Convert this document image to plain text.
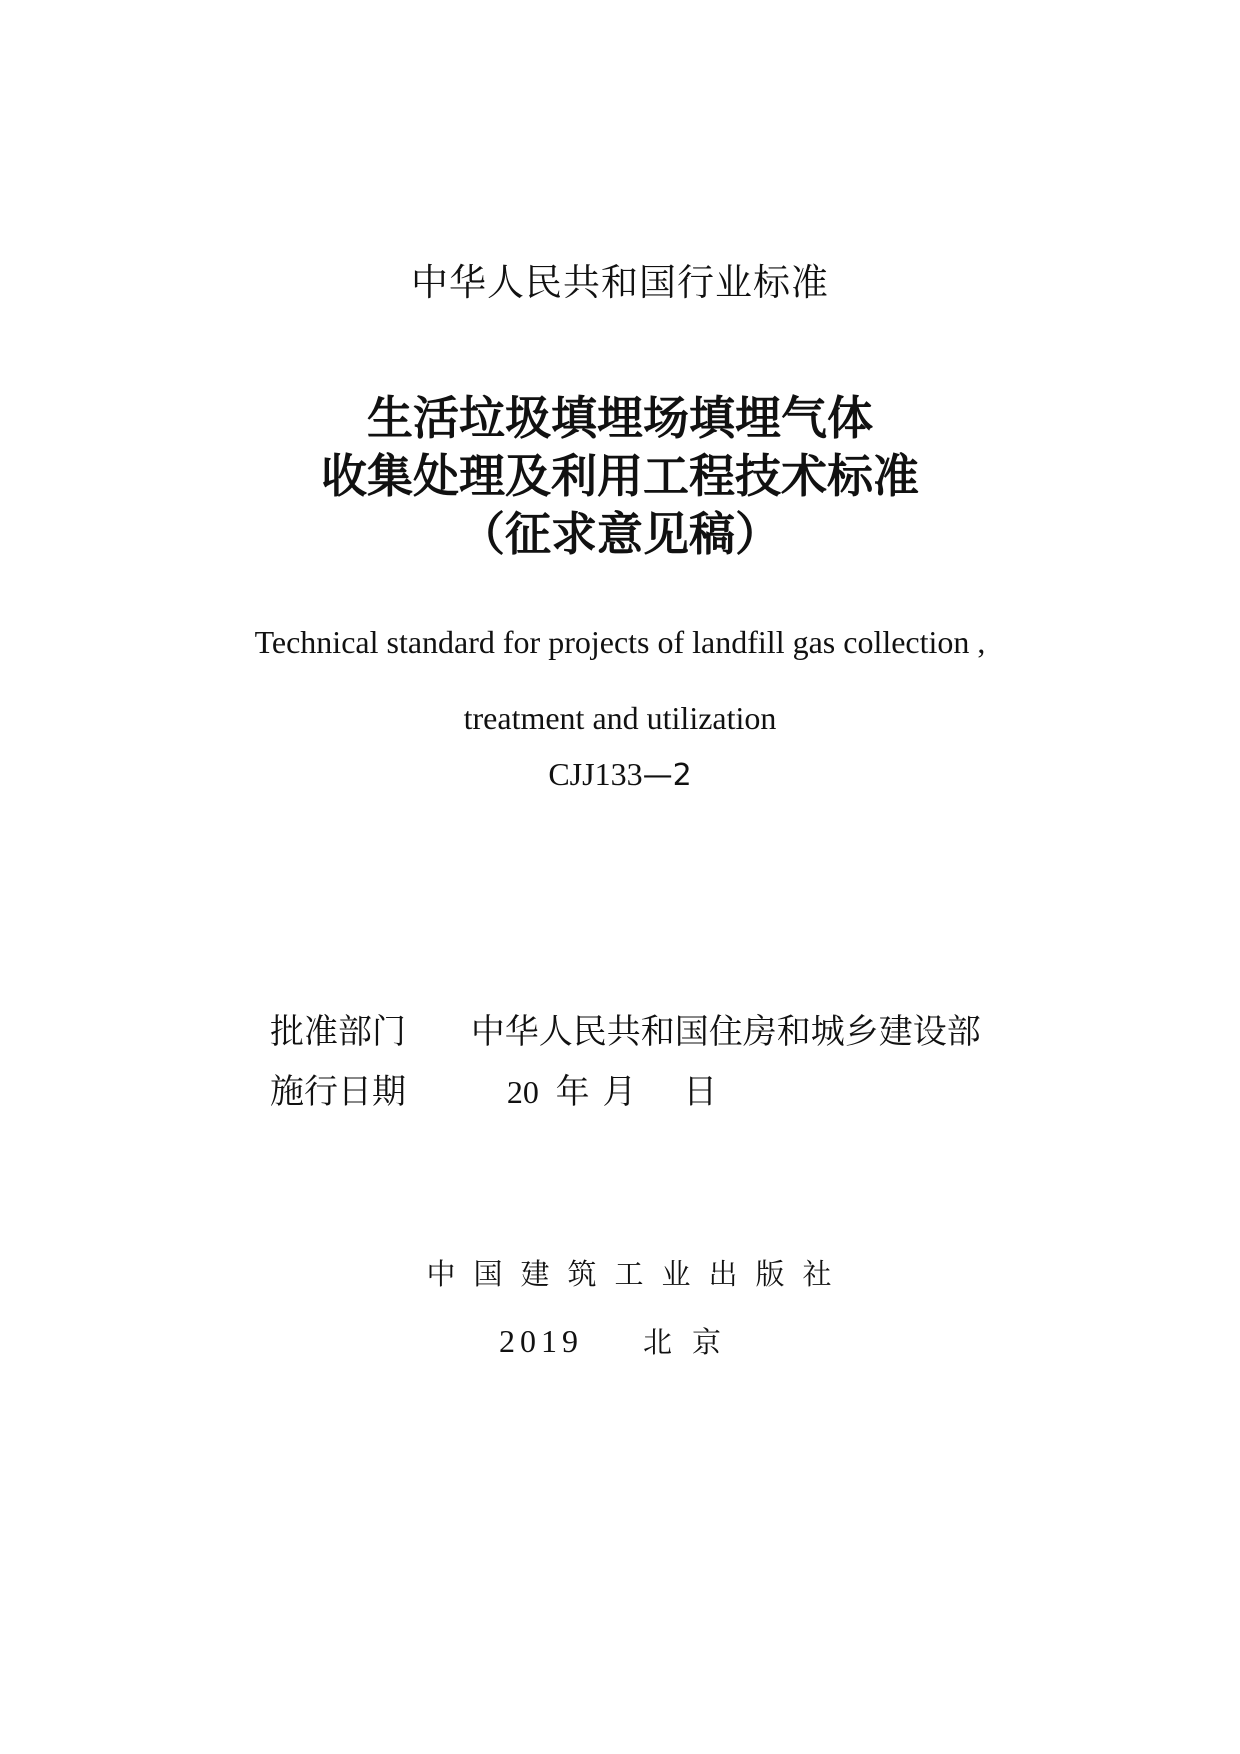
中华人民共和国行业标准
生活垃圾填埋场填埋气体
收集处理及利用工程技术标准
（征求意见稿）
Technical standard for projects of landfill gas collection ,
treatment and utilization
CJJ133—2
批准部门 中华人民共和国住房和城乡建设部
施行日期	20 年 月 日
中国建筑工业出版社
2019 北京
